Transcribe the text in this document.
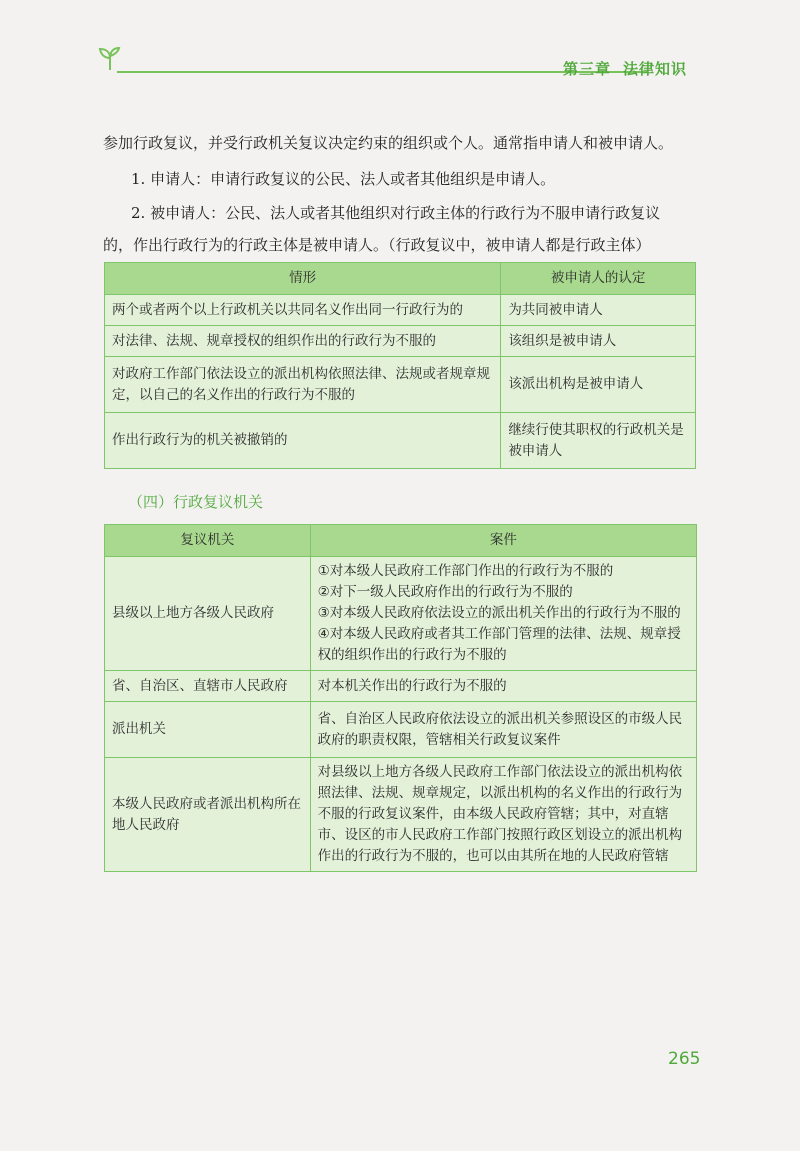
第三章 法律知识
参加行政复议，并受行政机关复议决定约束的组织或个人。通常指申请人和被申请人。
1. 申请人：申请行政复议的公民、法人或者其他组织是申请人。
2. 被申请人：公民、法人或者其他组织对行政主体的行政行为不服申请行政复议
的，作出行政行为的行政主体是被申请人。（行政复议中，被申请人都是行政主体）
情形	被申请人的认定
两个或者两个以上行政机关以共同名义作出同一行政行为的	为共同被申请人
对法律、法规、规章授权的组织作出的行政行为不服的	该组织是被申请人
对政府工作部门依法设立的派出机构依照法律、法规或者规章规定，以自己的名义作出的行政行为不服的	该派出机构是被申请人
作出行政行为的机关被撤销的	继续行使其职权的行政机关是被申请人
（四）行政复议机关
复议机关	案件
县级以上地方各级人民政府	①对本级人民政府工作部门作出的行政行为不服的
②对下一级人民政府作出的行政行为不服的
③对本级人民政府依法设立的派出机关作出的行政行为不服的
④对本级人民政府或者其工作部门管理的法律、法规、规章授权的组织作出的行政行为不服的

省、自治区、直辖市人民政府	对本机关作出的行政行为不服的

派出机关	省、自治区人民政府依法设立的派出机关参照设区的市级人民政府的职责权限，管辖相关行政复议案件

本级人民政府或者派出机构所在地人民政府	对县级以上地方各级人民政府工作部门依法设立的派出机构依照法律、法规、规章规定，以派出机构的名义作出的行政行为不服的行政复议案件，由本级人民政府管辖；其中，对直辖市、设区的市人民政府工作部门按照行政区划设立的派出机构作出的行政行为不服的，也可以由其所在地的人民政府管辖
265
